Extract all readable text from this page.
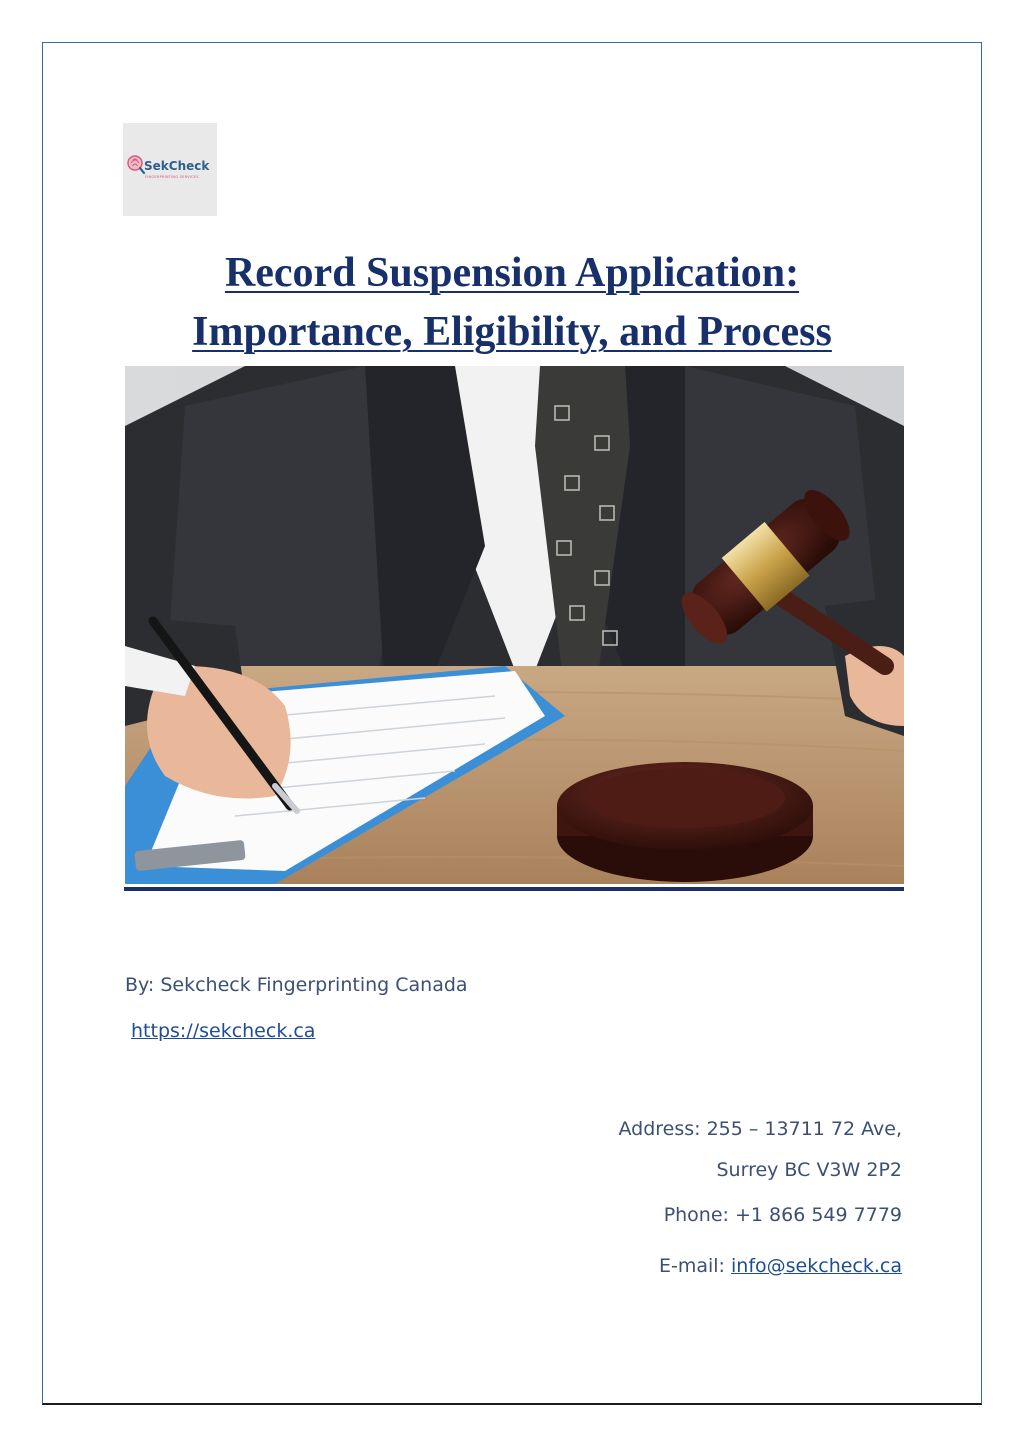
SekCheck
FINGERPRINTING SERVICES
Record Suspension Application:
Importance, Eligibility, and Process
By: Sekcheck Fingerprinting Canada
https://sekcheck.ca
Address: 255 – 13711 72 Ave,
Surrey BC V3W 2P2
Phone: +1 866 549 7779
E-mail: info@sekcheck.ca
